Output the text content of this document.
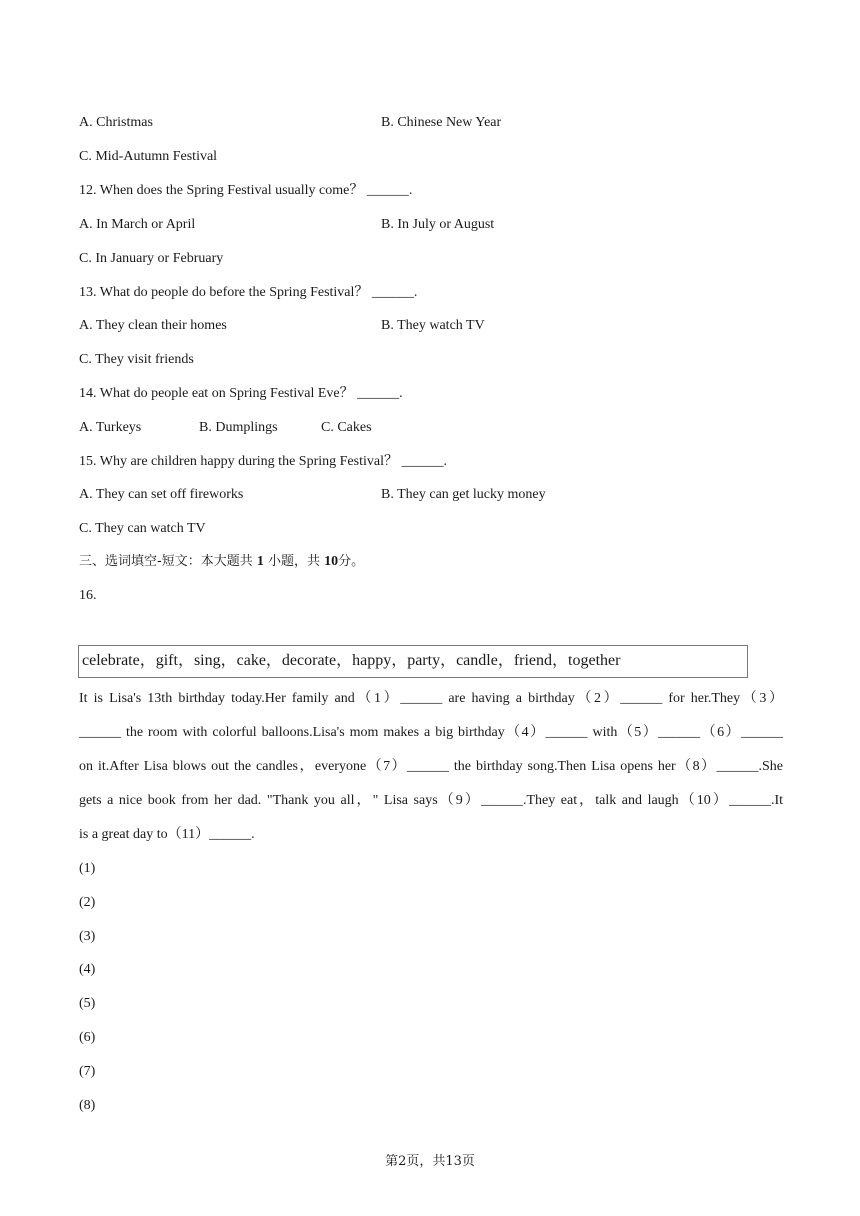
A. Christmas	B. Chinese New Year
C. Mid-Autumn Festival
12. When does the Spring Festival usually come？ ______.
A. In March or April	B. In July or August
C. In January or February
13. What do people do before the Spring Festival？ ______.
A. They clean their homes	B. They watch TV
C. They visit friends
14. What do people eat on Spring Festival Eve？ ______.
A. Turkeys	B. Dumplings	C. Cakes
15. Why are children happy during the Spring Festival？ ______.
A. They can set off fireworks	B. They can get lucky money
C. They can watch TV
三、选词填空-短文：本大题共 1 小题，共 10分。
16.
celebrate，gift，sing，cake，decorate，happy，party，candle，friend，together
It is Lisa's 13th birthday today.Her family and（1）______ are having a birthday（2）______ for her.They（3）
______ the room with colorful balloons.Lisa's mom makes a big birthday（4）______ with（5）______（6）______
on it.After Lisa blows out the candles，everyone（7）______ the birthday song.Then Lisa opens her（8）______.She
gets a nice book from her dad. "Thank you all，" Lisa says（9）______.They eat，talk and laugh（10）______.It
is a great day to（11）______.
(1)
(2)
(3)
(4)
(5)
(6)
(7)
(8)
第2页，共13页
